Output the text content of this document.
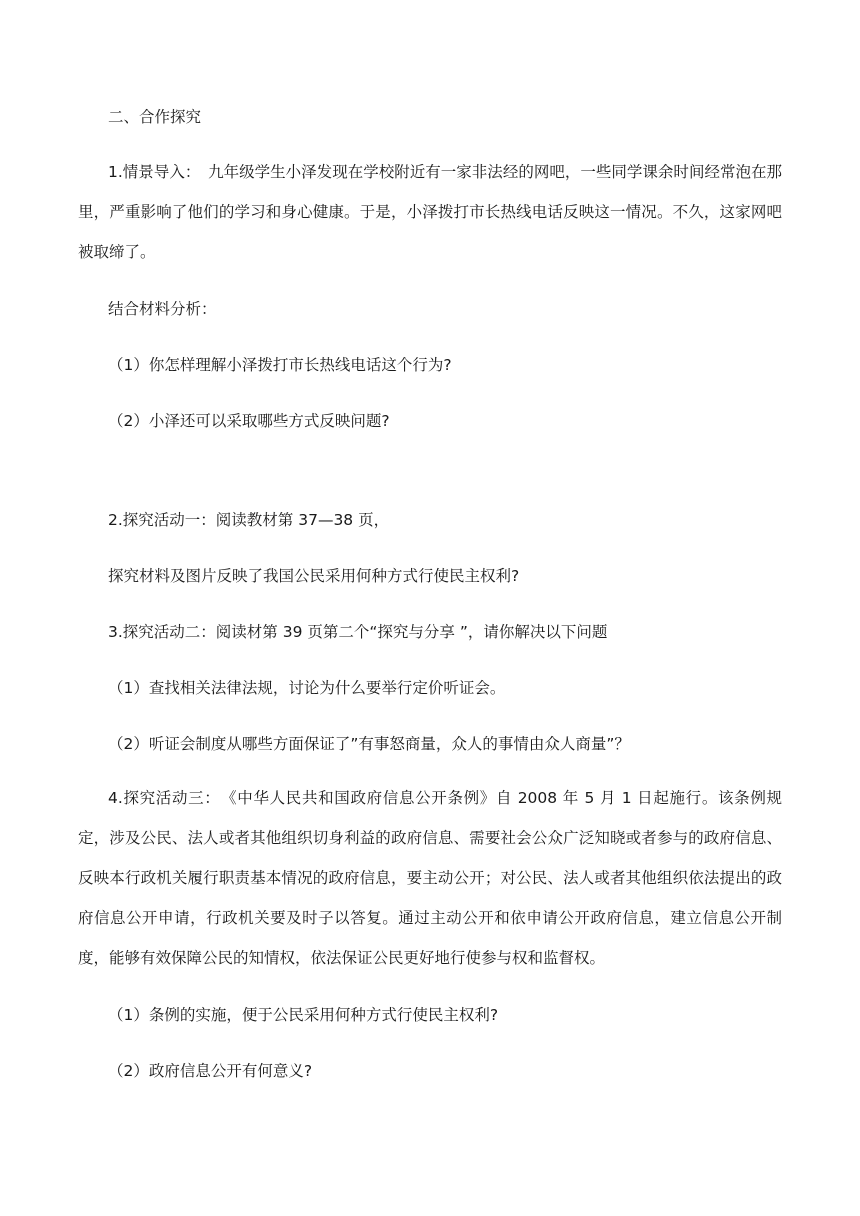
二、合作探究
1.情景导入：　九年级学生小泽发现在学校附近有一家非法经的网吧，一些同学课余时间经常泡在那里，严重影响了他们的学习和身心健康。于是，小泽拨打市长热线电话反映这一情况。不久，这家网吧被取缔了。
结合材料分析：
（1）你怎样理解小泽拨打市长热线电话这个行为?
（2）小泽还可以采取哪些方式反映问题?
2.探究活动一：阅读教材第 37—38 页，
探究材料及图片反映了我国公民采用何种方式行使民主权利?
3.探究活动二：阅读材第 39 页第二个“探究与分享 ”，请你解决以下问题
（1）查找相关法律法规，讨论为什么要举行定价听证会。
（2）听证会制度从哪些方面保证了”有事怒商量，众人的事情由众人商量”？
4.探究活动三：　《中华人民共和国政府信息公开条例》自 2008 年 5 月 1 日起施行。该条例规定，涉及公民、法人或者其他组织切身利益的政府信息、需要社会公众广泛知晓或者参与的政府信息、反映本行政机关履行职责基本情况的政府信息，要主动公开；对公民、法人或者其他组织依法提出的政府信息公开申请，行政机关要及时子以答复。通过主动公开和依申请公开政府信息，建立信息公开制度，能够有效保障公民的知情权，依法保证公民更好地行使参与权和监督权。
（1）条例的实施，便于公民采用何种方式行使民主权利?
（2）政府信息公开有何意义?
